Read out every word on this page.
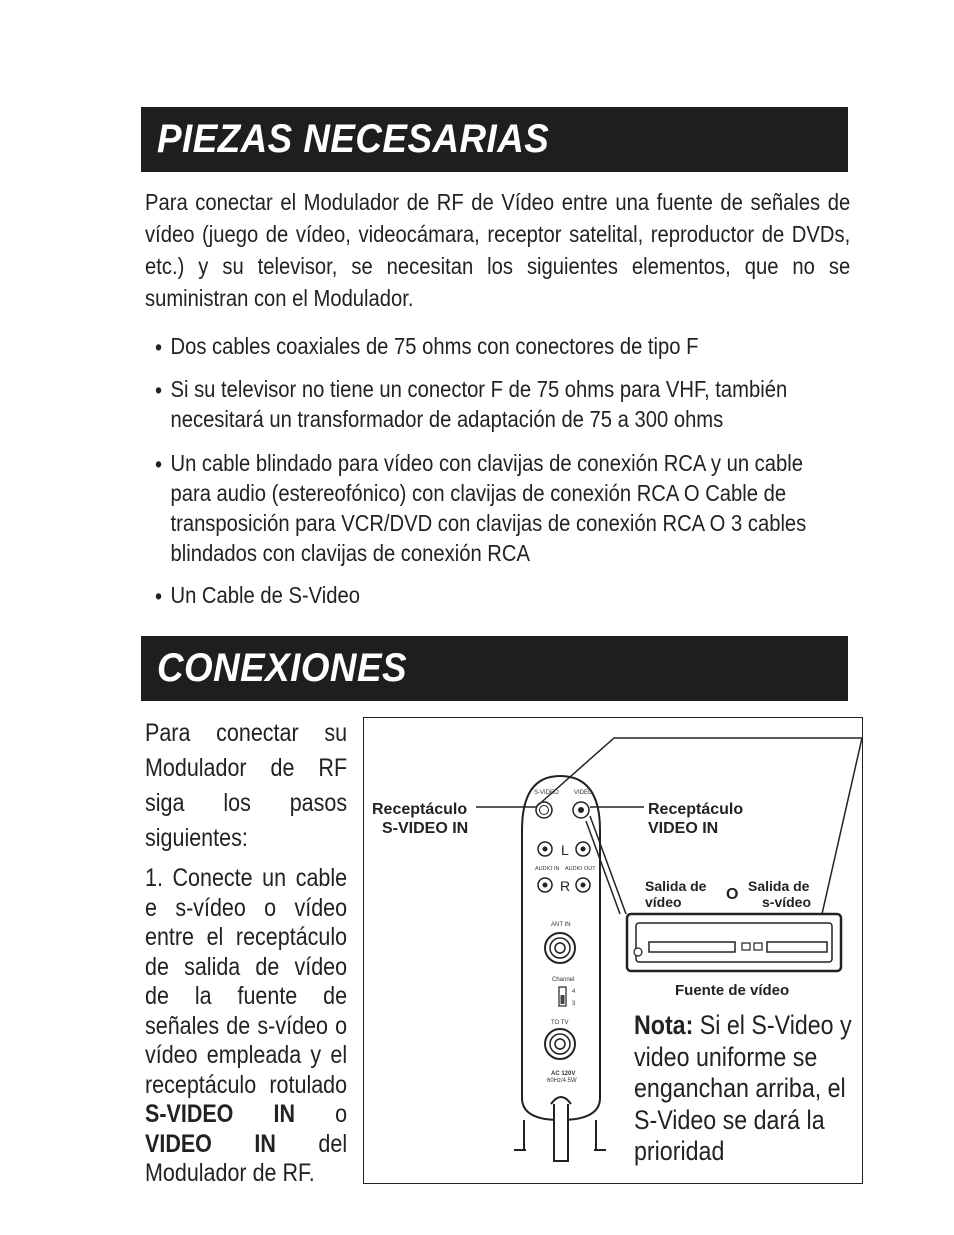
PIEZAS NECESARIAS
Para conectar el Modulador de RF de Vídeo entre una fuente de señales de vídeo (juego de vídeo, videocámara, receptor satelital, reproductor de DVDs, etc.) y su televisor, se necesitan los siguientes elementos, que no se suministran con el Modulador.
• Dos cables coaxiales de 75 ohms con conectores de tipo F
• Si su televisor no tiene un conector F de 75 ohms para VHF, también necesitará un transformador de adaptación de 75 a 300 ohms
• Un cable blindado para vídeo con clavijas de conexión RCA y un cable para audio (estereofónico) con clavijas de conexión RCA O Cable de transposición para VCR/DVD con clavijas de conexión RCA O 3 cables blindados con clavijas de conexión RCA
• Un Cable de S-Video
CONEXIONES

Para conectar su Modulador de RF siga los pasos siguientes:

1. Conecte un cable e s-vídeo o vídeo entre el receptáculo de salida de vídeo de la fuente de señales de s-vídeo o vídeo empleada y el receptáculo rotulado S-VIDEO IN o VIDEO IN del Modulador de RF.

S-VIDEO	VIDEO
L
AUDIO IN AUDIO OUT
R
ANT IN
Channel
4
3
TO TV
AC 120V
60Hz/4.5W
Receptáculo
S-VIDEO IN
Receptáculo
VIDEO IN
Salida de
vídeo	O Salida de
s-vídeo
Fuente de vídeo
Nota: Si el S-Video y video uniforme se enganchan arriba, el S-Video se dará la prioridad
